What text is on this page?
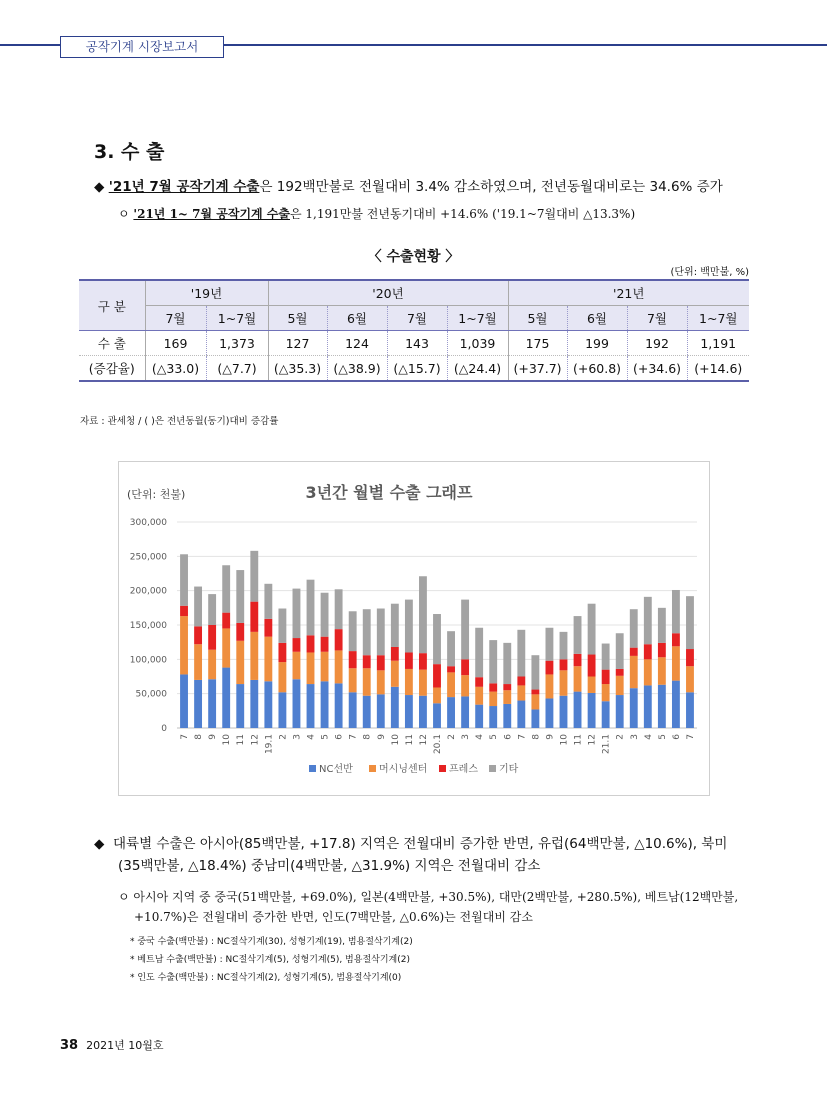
공작기계 시장보고서
3. 수 출
◆ '21년 7월 공작기계 수출은 192백만불로 전월대비 3.4% 감소하였으며, 전년동월대비로는 34.6% 증가
ㅇ '21년 1~ 7월 공작기계 수출은 1,191만불 전년동기대비 +14.6% ('19.1~7월대비 △13.3%)
〈 수출현황 〉
(단위: 백만불, %)
구 분	'19년		'20년				'21년			
	7월	1~7월	5월	6월	7월	1~7월	5월	6월	7월	1~7월
수 출	169	1,373	127	124	143	1,039	175	199	192	1,191
(증감율)	(△33.0)	(△7.7)	(△35.3)	(△38.9)	(△15.7)	(△24.4)	(+37.7)	(+60.8)	(+34.6)	(+14.6)
자료 : 관세청 / ( )은 전년동월(동기)대비 증감률
3년간 월별 수출 그래프
(단위: 천불)
0
50,000
100,000
150,000
200,000
250,000
300,000
7 8 9 10 11 12 19.1 2 3 4 5 6 7 8 9 10 11 12 20.1 2 3 4 5 6 7 8 9 10 11 12 21.1 2 3 4 5 6 7
NC선반	머시닝센터 프레스 기타
◆ 대륙별 수출은 아시아(85백만불, +17.8) 지역은 전월대비 증가한 반면, 유럽(64백만불, △10.6%), 북미
(35백만불, △18.4%) 중남미(4백만불, △31.9%) 지역은 전월대비 감소
ㅇ 아시아 지역 중 중국(51백만불, +69.0%), 일본(4백만불, +30.5%), 대만(2백만불, +280.5%), 베트남(12백만불,
+10.7%)은 전월대비 증가한 반면, 인도(7백만불, △0.6%)는 전월대비 감소
* 중국 수출(백만불) : NC절삭기계(30), 성형기계(19), 범용절삭기계(2)
* 베트남 수출(백만불) : NC절삭기계(5), 성형기계(5), 범용절삭기계(2)
* 인도 수출(백만불) : NC절삭기계(2), 성형기계(5), 범용절삭기계(0)
38 2021년 10월호
